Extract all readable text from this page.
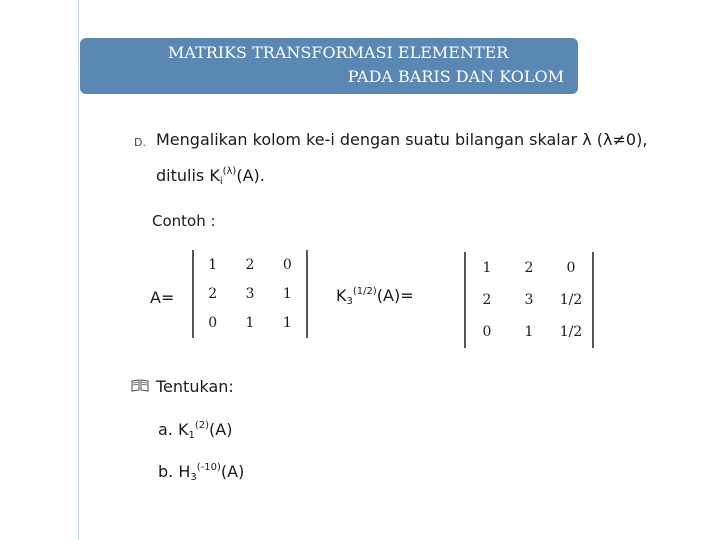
MATRIKS TRANSFORMASI ELEMENTER
PADA BARIS DAN KOLOM
D. Mengalikan kolom ke-i dengan suatu bilangan skalar λ (λ≠0),
ditulis $K_i^{(\lambda)}(A)$.
Contoh :
A=
1 2 0
2 3 1
0 1 1
$K_3^{(1/2)}(A)=$
1 2 0
2 3 1/2
0 1 1/2
Tentukan:
a. $K_1^{(2)}(A)$
b. $H_3^{(-10)}(A)$
